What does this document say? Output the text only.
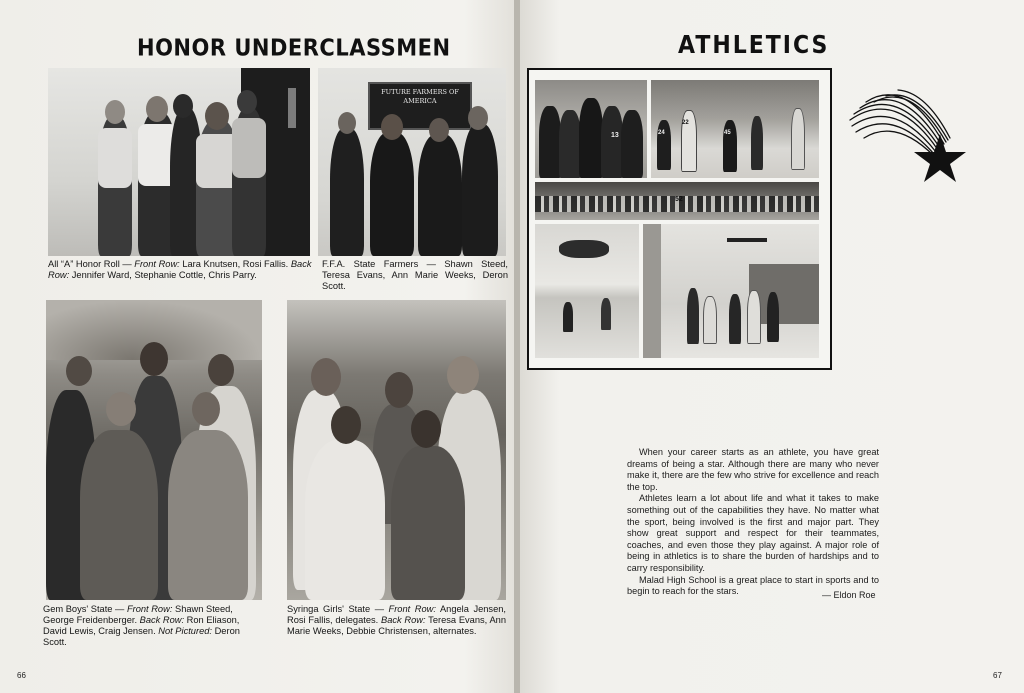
HONOR UNDERCLASSMEN
FUTURE FARMERS OF AMERICA
All “A” Honor Roll — Front Row: Lara Knutsen, Rosi Fallis. Back Row: Jennifer Ward, Stephanie Cottle, Chris Parry.
F.F.A. State Farmers — Shawn Steed, Teresa Evans, Ann Marie Weeks, Deron Scott.
Gem Boys' State — Front Row: Shawn Steed, George Freidenberger. Back Row: Ron Eliason, David Lewis, Craig Jensen. Not Pictured: Deron Scott.
Syringa Girls' State — Front Row: Angela Jensen, Rosi Fallis, delegates. Back Row: Teresa Evans, Ann Marie Weeks, Debbie Christensen, alternates.
66
ATHLETICS
13	24
22
45
52

When your career starts as an athlete, you have great dreams of being a star. Although there are many who never make it, there are the few who strive for excellence and reach the top.

Athletes learn a lot about life and what it takes to make something out of the capabilities they have. No matter what the sport, being involved is the first and major part. They show great support and respect for their teammates, coaches, and even those they play against. A major role of being in athletics is to share the burden of hardships and to carry responsibility.

Malad High School is a great place to start in sports and to begin to reach for the stars.	— Eldon Roe
67
